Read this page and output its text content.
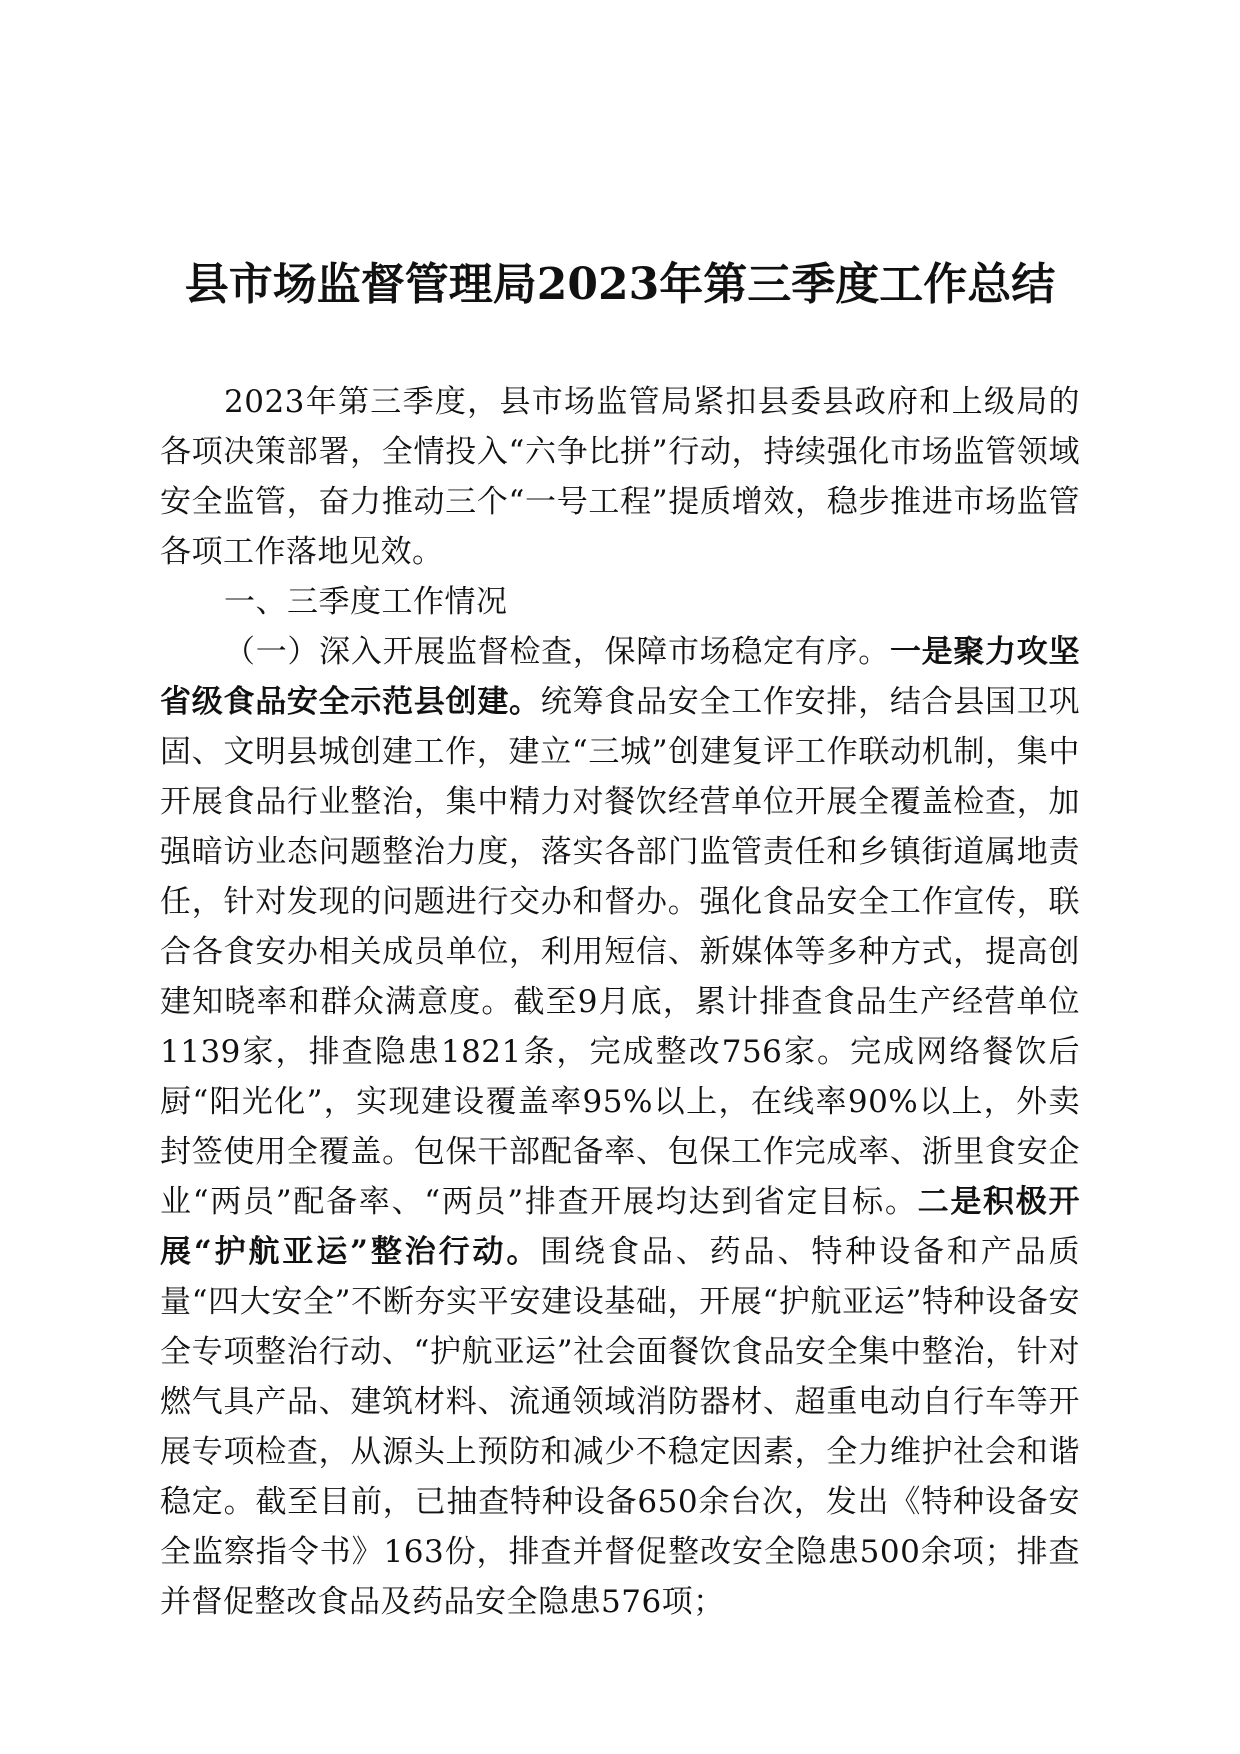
县市场监督管理局2023年第三季度工作总结

2023年第三季度，县市场监管局紧扣县委县政府和上级局的各项决策部署，全情投入“六争比拼”行动，持续强化市场监管领域安全监管，奋力推动三个“一号工程”提质增效，稳步推进市场监管各项工作落地见效。

一、三季度工作情况

（一）深入开展监督检查，保障市场稳定有序。一是聚力攻坚省级食品安全示范县创建。统筹食品安全工作安排，结合县国卫巩固、文明县城创建工作，建立“三城”创建复评工作联动机制，集中开展食品行业整治，集中精力对餐饮经营单位开展全覆盖检查，加强暗访业态问题整治力度，落实各部门监管责任和乡镇街道属地责任，针对发现的问题进行交办和督办。强化食品安全工作宣传，联合各食安办相关成员单位，利用短信、新媒体等多种方式，提高创建知晓率和群众满意度。截至9月底，累计排查食品生产经营单位1139家，排查隐患1821条，完成整改756家。完成网络餐饮后厨“阳光化”，实现建设覆盖率95%以上，在线率90%以上，外卖封签使用全覆盖。包保干部配备率、包保工作完成率、浙里食安企业“两员”配备率、“两员”排查开展均达到省定目标。二是积极开展“护航亚运”整治行动。围绕食品、药品、特种设备和产品质量“四大安全”不断夯实平安建设基础，开展“护航亚运”特种设备安全专项整治行动、“护航亚运”社会面餐饮食品安全集中整治，针对燃气具产品、建筑材料、流通领域消防器材、超重电动自行车等开展专项检查，从源头上预防和减少不稳定因素，全力维护社会和谐稳定。截至目前，已抽查特种设备650余台次，发出《特种设备安全监察指令书》163份，排查并督促整改安全隐患500余项；排查并督促整改食品及药品安全隐患576项；
